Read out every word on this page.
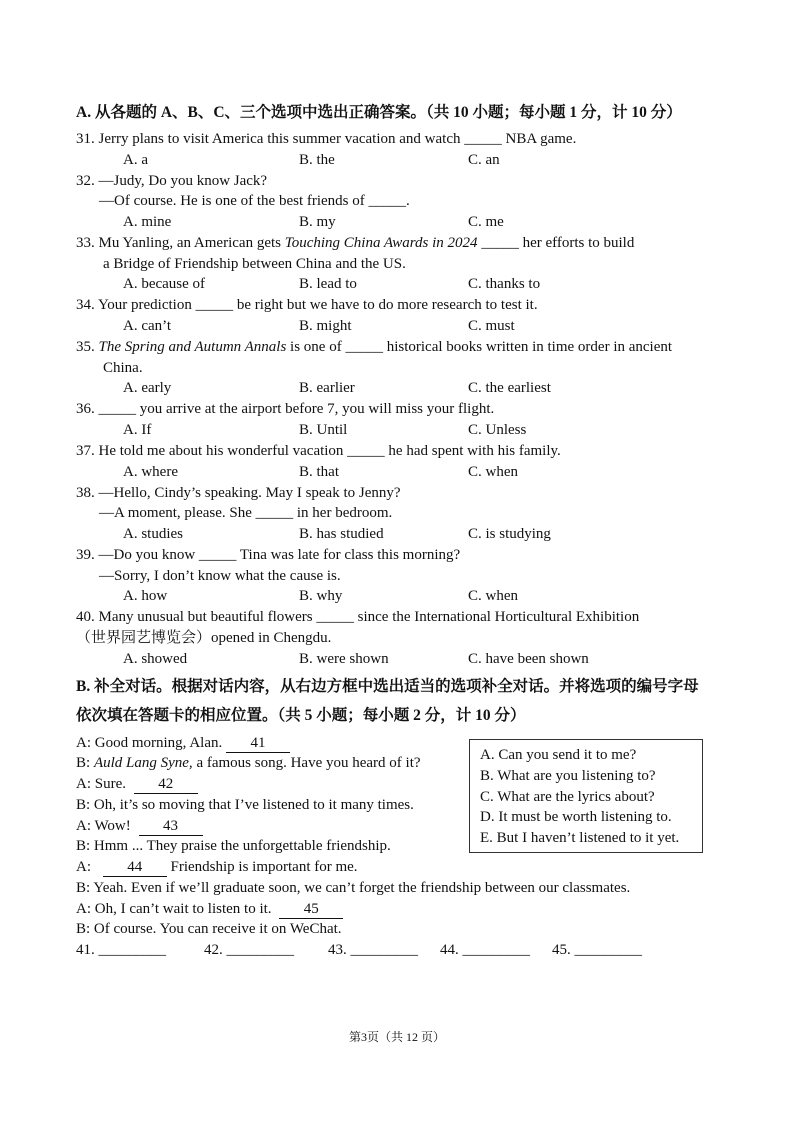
A. 从各题的 A、B、C、三个选项中选出正确答案。（共 10 小题；每小题 1 分，计 10 分）
31. Jerry plans to visit America this summer vacation and watch _____ NBA game.
A. a	B. the	C. an
32. —Judy, Do you know Jack?
—Of course. He is one of the best friends of _____.
A. mine	B. my	C. me
33. Mu Yanling, an American gets Touching China Awards in 2024 _____ her efforts to build
a Bridge of Friendship between China and the US.
A. because of	B. lead to	C. thanks to
34. Your prediction _____ be right but we have to do more research to test it.
A. can’t	B. might	C. must
35. The Spring and Autumn Annals is one of _____ historical books written in time order in ancient
China.
A. early	B. earlier	C. the earliest
36. _____ you arrive at the airport before 7, you will miss your flight.
A. If	B. Until	C. Unless
37. He told me about his wonderful vacation _____ he had spent with his family.
A. where	B. that	C. when
38. —Hello, Cindy’s speaking. May I speak to Jenny?
—A moment, please. She _____ in her bedroom.
A. studies	B. has studied	C. is studying
39. —Do you know _____ Tina was late for class this morning?
—Sorry, I don’t know what the cause is.
A. how	B. why	C. when
40. Many unusual but beautiful flowers _____ since the International Horticultural Exhibition
（世界园艺博览会）opened in Chengdu.
A. showed	B. were shown	C. have been shown
B. 补全对话。根据对话内容，从右边方框中选出适当的选项补全对话。并将选项的编号字母
依次填在答题卡的相应位置。（共 5 小题；每小题 2 分，计 10 分）
A: Good morning, Alan. 41
B: Auld Lang Syne, a famous song. Have you heard of it?
A: Sure. 42
B: Oh, it’s so moving that I’ve listened to it many times.
A: Wow! 43
B: Hmm ... They praise the unforgettable friendship.
A: 44 Friendship is important for me.
B: Yeah. Even if we’ll graduate soon, we can’t forget the friendship between our classmates.
A: Oh, I can’t wait to listen to it. 45
B: Of course. You can receive it on WeChat.
A. Can you send it to me?
B. What are you listening to?
C. What are the lyrics about?
D. It must be worth listening to.
E. But I haven’t listened to it yet.
41. _________	42. _________ 43. _________ 44. _________ 45. _________
第3页（共 12 页）
